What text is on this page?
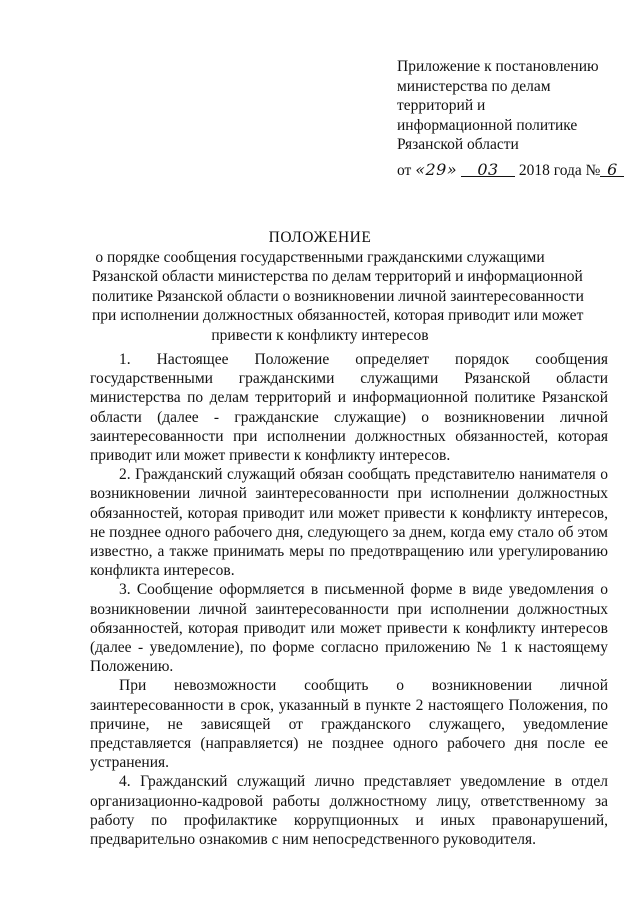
Приложение к постановлению
министерства по делам
территорий и
информационной политике
Рязанской области
от «29» 03 2018 года № 6
ПОЛОЖЕНИЕ
о порядке сообщения государственными гражданскими служащими
Рязанской области министерства по делам территорий и информационной
политике Рязанской области о возникновении личной заинтересованности
при исполнении должностных обязанностей, которая приводит или может
привести к конфликту интересов

1. Настоящее Положение определяет порядок сообщения государственными гражданскими служащими Рязанской области министерства по делам территорий и информационной политике Рязанской области (далее - гражданские служащие) о возникновении личной заинтересованности при исполнении должностных обязанностей, которая приводит или может привести к конфликту интересов.

2. Гражданский служащий обязан сообщать представителю нанимателя о возникновении личной заинтересованности при исполнении должностных обязанностей, которая приводит или может привести к конфликту интересов, не позднее одного рабочего дня, следующего за днем, когда ему стало об этом известно, а также принимать меры по предотвращению или урегулированию конфликта интересов.

3. Сообщение оформляется в письменной форме в виде уведомления о возникновении личной заинтересованности при исполнении должностных обязанностей, которая приводит или может привести к конфликту интересов (далее - уведомление), по форме согласно приложению № 1 к настоящему Положению.

При невозможности сообщить о возникновении личной заинтересованности в срок, указанный в пункте 2 настоящего Положения, по причине, не зависящей от гражданского служащего, уведомление представляется (направляется) не позднее одного рабочего дня после ее устранения.

4. Гражданский служащий лично представляет уведомление в отдел организационно-кадровой работы должностному лицу, ответственному за работу по профилактике коррупционных и иных правонарушений, предварительно ознакомив с ним непосредственного руководителя.
